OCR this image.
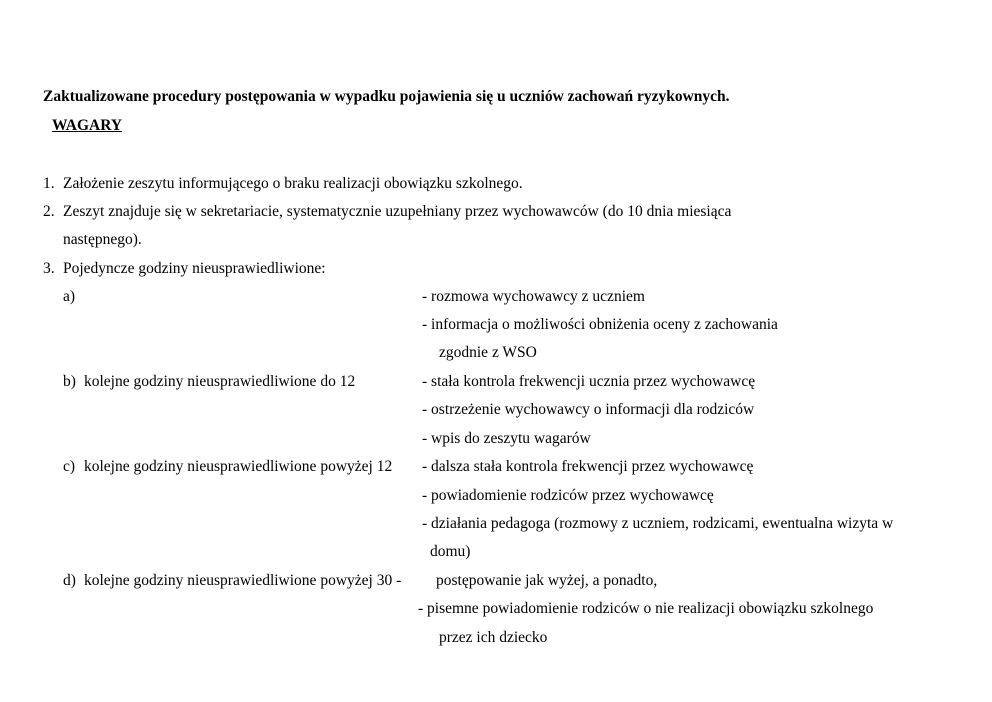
Zaktualizowane procedury postępowania w wypadku pojawienia się u uczniów zachowań ryzykownych.
WAGARY
1. Założenie zeszytu informującego o braku realizacji obowiązku szkolnego.
2. Zeszyt znajduje się w sekretariacie, systematycznie uzupełniany przez wychowawców (do 10 dnia miesiąca
następnego).
3. Pojedyncze godziny nieusprawiedliwione:
a)	- rozmowa wychowawcy z uczniem
- informacja o możliwości obniżenia oceny z zachowania
zgodnie z WSO
b) kolejne godziny nieusprawiedliwione do 12	- stała kontrola frekwencji ucznia przez wychowawcę
- ostrzeżenie wychowawcy o informacji dla rodziców
- wpis do zeszytu wagarów
c) kolejne godziny nieusprawiedliwione powyżej 12 - dalsza stała kontrola frekwencji przez wychowawcę
- powiadomienie rodziców przez wychowawcę
- działania pedagoga (rozmowy z uczniem, rodzicami, ewentualna wizyta w
domu)
d) kolejne godziny nieusprawiedliwione powyżej 30 - postępowanie jak wyżej, a ponadto,
- pisemne powiadomienie rodziców o nie realizacji obowiązku szkolnego
przez ich dziecko
